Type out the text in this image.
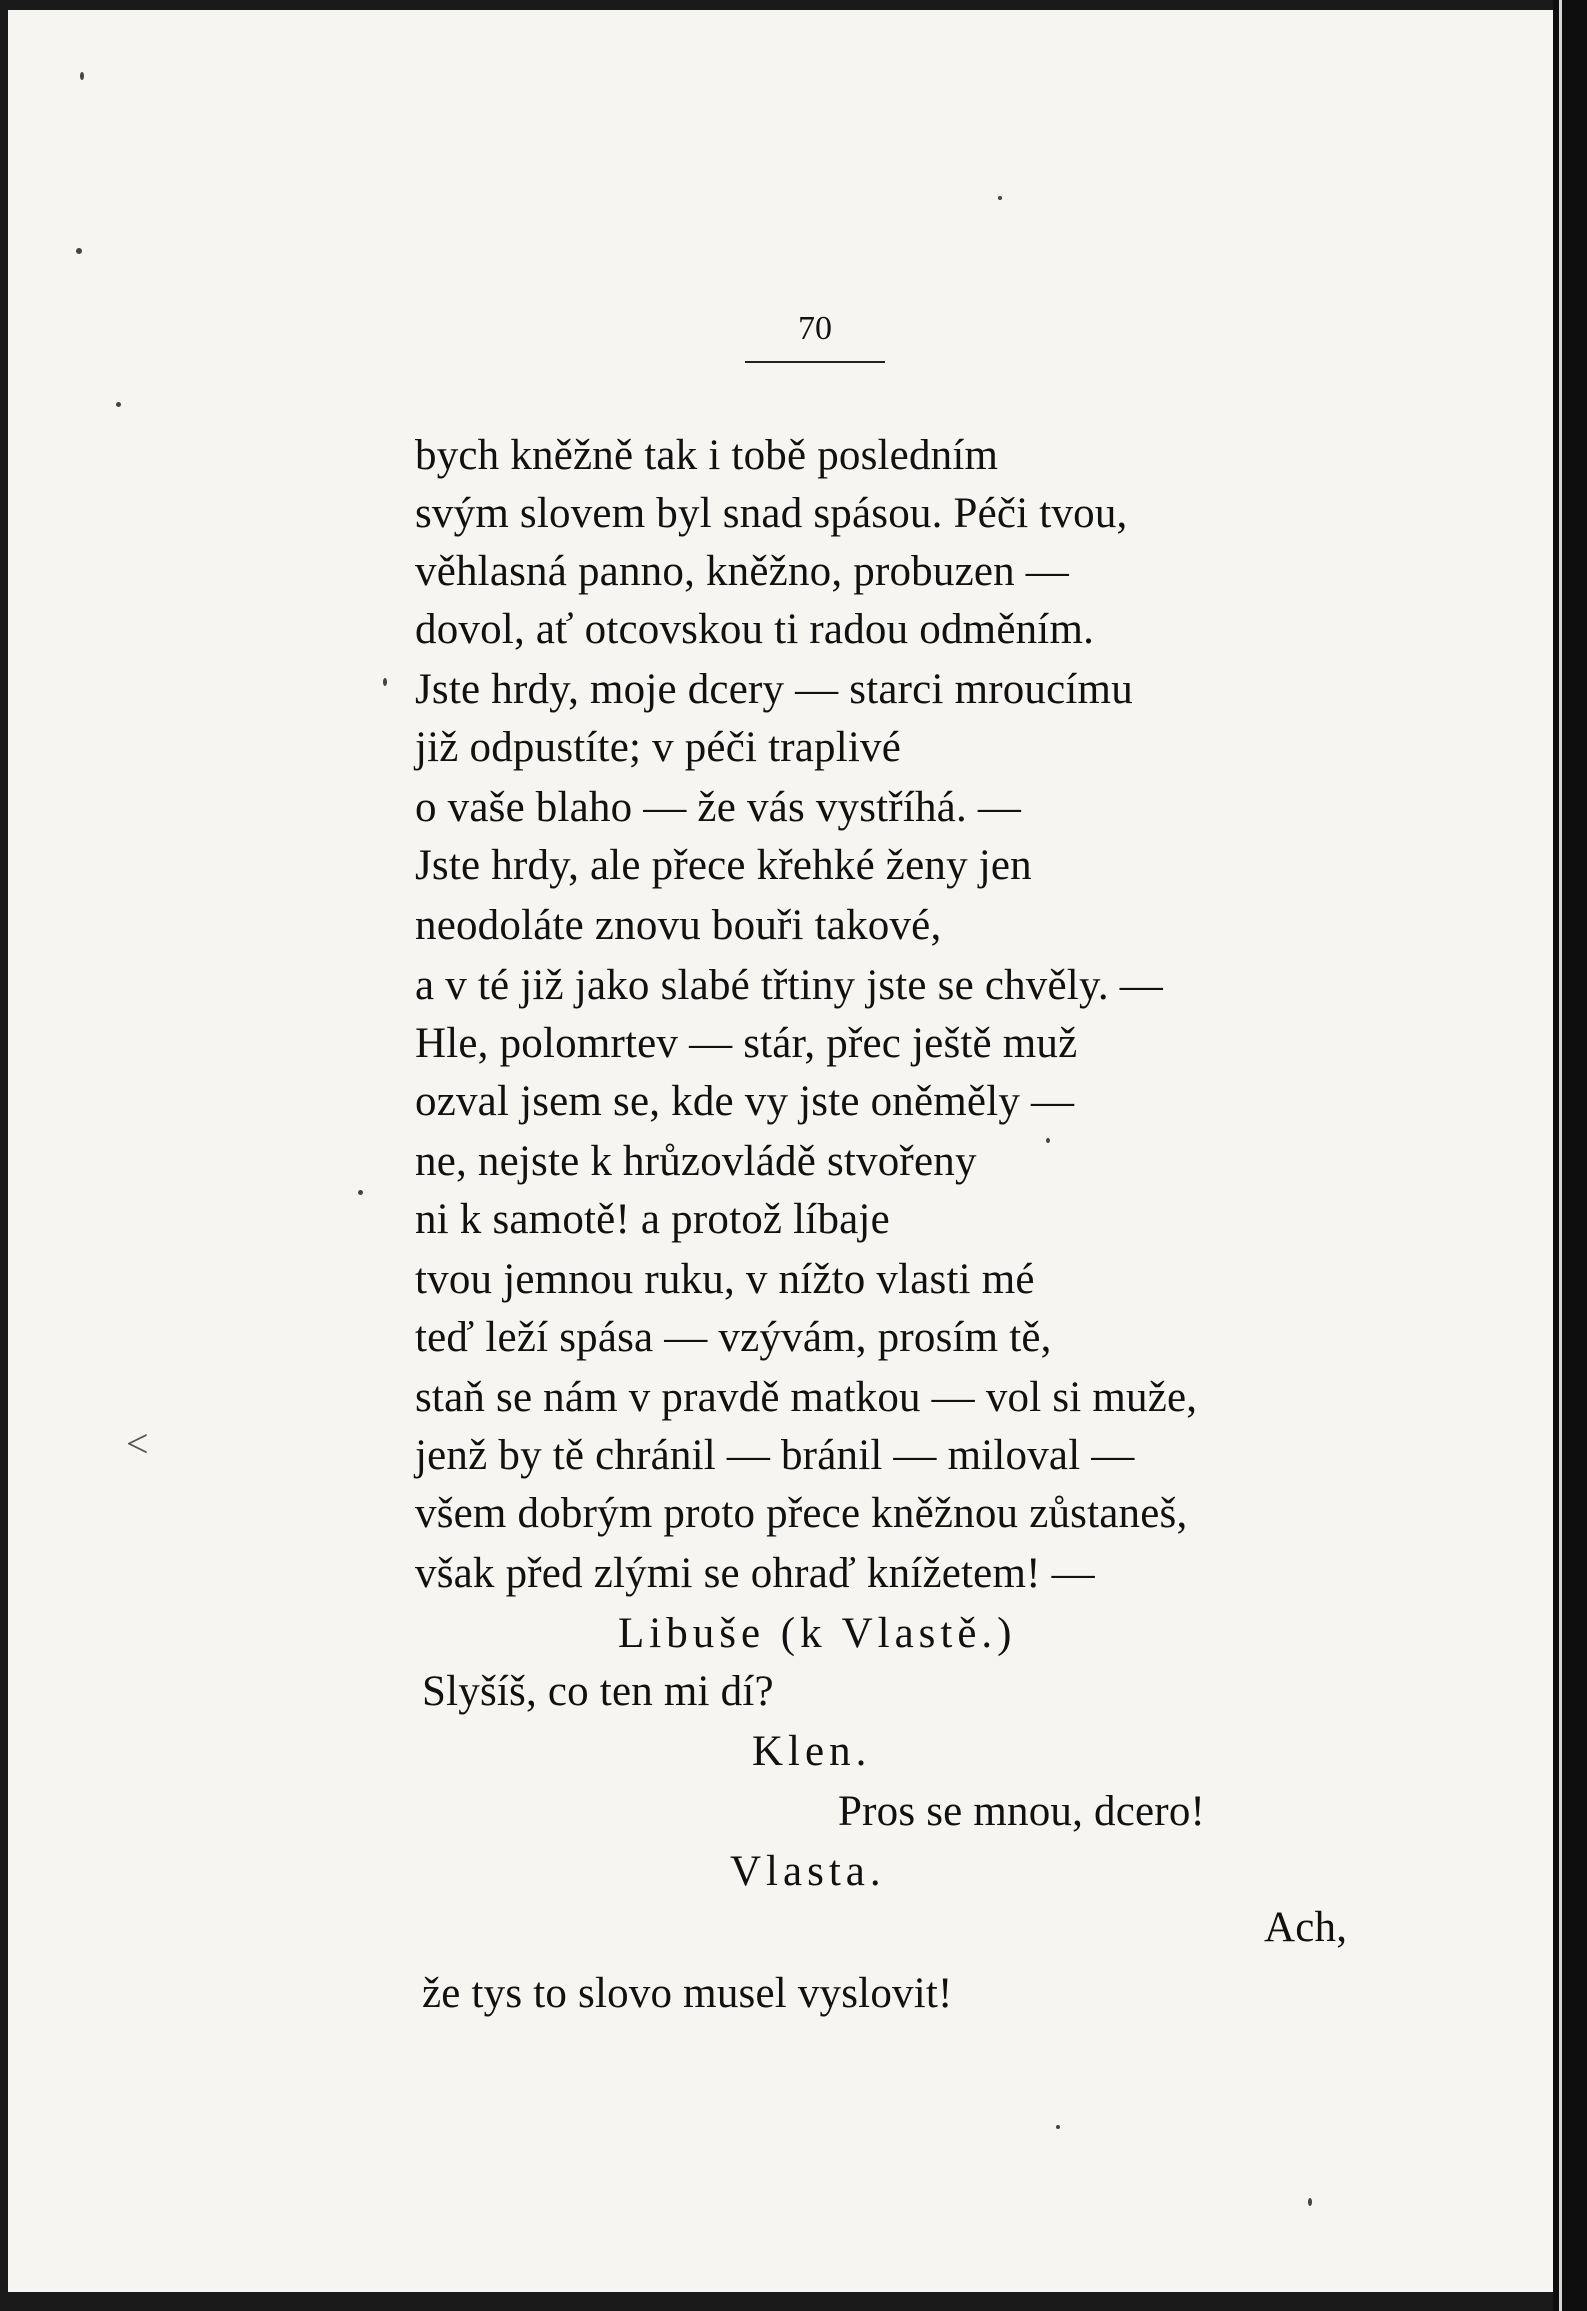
70
bych kněžně tak i tobě posledním
svým slovem byl snad spásou. Péči tvou,
věhlasná panno, kněžno, probuzen —
dovol, ať otcovskou ti radou odměním.
Jste hrdy, moje dcery — starci mroucímu
již odpustíte; v péči traplivé
o vaše blaho — že vás vystříhá. —
Jste hrdy, ale přece křehké ženy jen
neodoláte znovu bouři takové,
a v té již jako slabé třtiny jste se chvěly. —
Hle, polomrtev — stár, přec ještě muž
ozval jsem se, kde vy jste oněměly —
ne, nejste k hrůzovládě stvořeny
ni k samotě! a protož líbaje
tvou jemnou ruku, v nížto vlasti mé
teď leží spása — vzývám, prosím tě,
staň se nám v pravdě matkou — vol si muže,
jenž by tě chránil — bránil — miloval —
všem dobrým proto přece kněžnou zůstaneš,
však před zlými se ohraď knížetem! —
Libuše (k Vlastě.)
Slyšíš, co ten mi dí?
Klen.
Pros se mnou, dcero!
Vlasta.
Ach,
že tys to slovo musel vyslovit!
<
